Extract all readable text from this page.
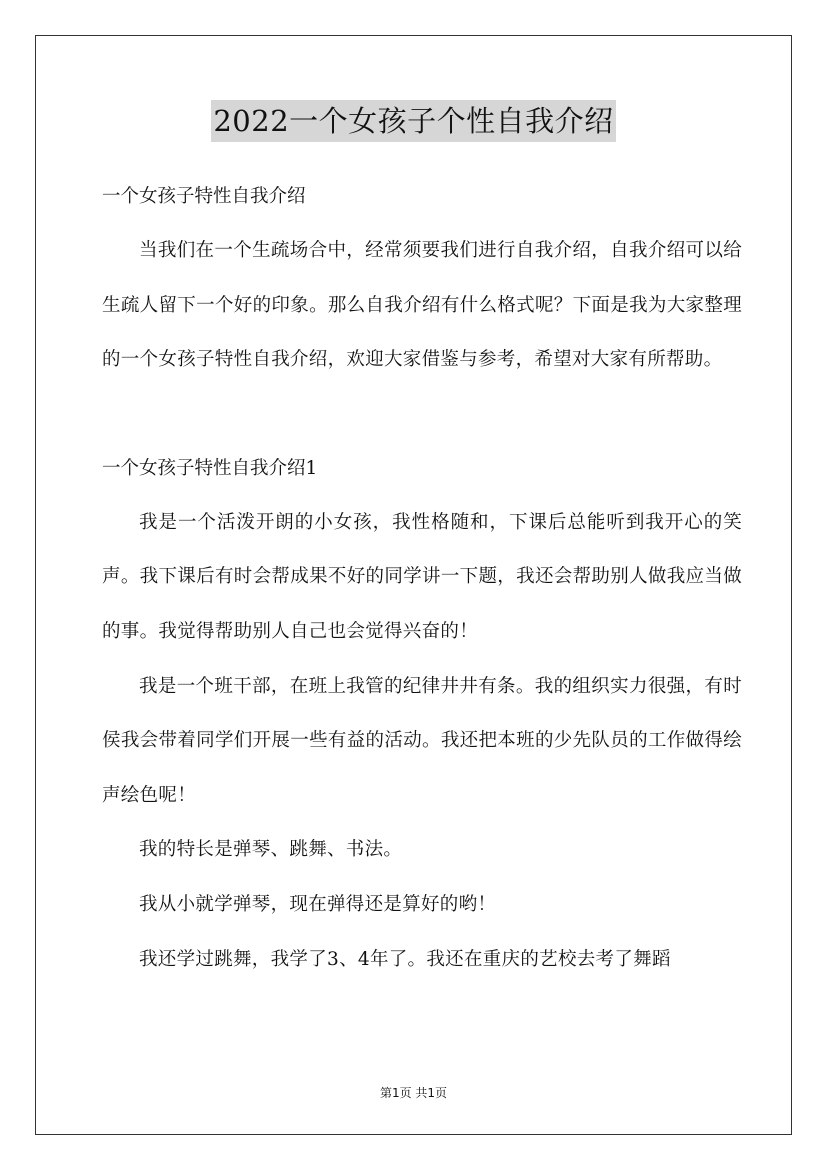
2022一个女孩子个性自我介绍

一个女孩子特性自我介绍

当我们在一个生疏场合中，经常须要我们进行自我介绍，自我介绍可以给生疏人留下一个好的印象。那么自我介绍有什么格式呢？下面是我为大家整理的一个女孩子特性自我介绍，欢迎大家借鉴与参考，希望对大家有所帮助。

一个女孩子特性自我介绍1

我是一个活泼开朗的小女孩，我性格随和，下课后总能听到我开心的笑声。我下课后有时会帮成果不好的同学讲一下题，我还会帮助别人做我应当做的事。我觉得帮助别人自己也会觉得兴奋的！

我是一个班干部，在班上我管的纪律井井有条。我的组织实力很强，有时侯我会带着同学们开展一些有益的活动。我还把本班的少先队员的工作做得绘声绘色呢！

我的特长是弹琴、跳舞、书法。

我从小就学弹琴，现在弹得还是算好的哟！

我还学过跳舞，我学了3、4年了。我还在重庆的艺校去考了舞蹈

第1页 共1页
